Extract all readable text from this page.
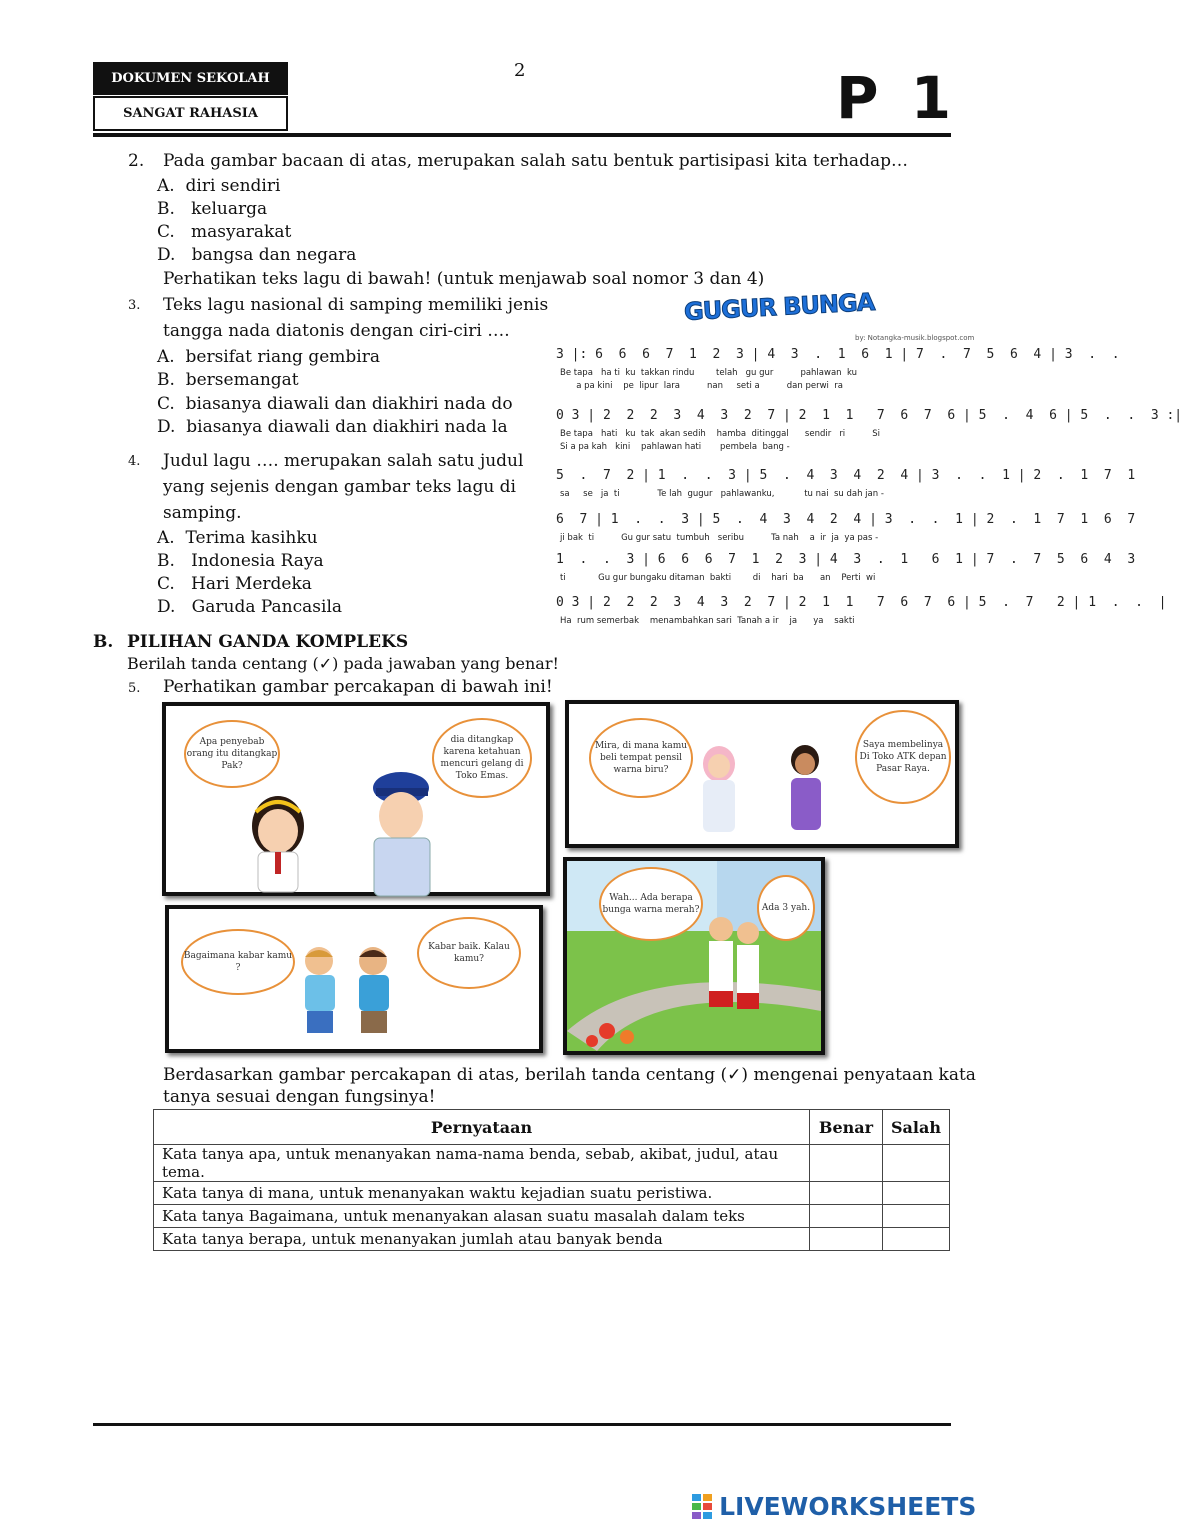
DOKUMEN SEKOLAH
SANGAT RAHASIA
2	P 1
2. Pada gambar bacaan di atas, merupakan salah satu bentuk partisipasi kita terhadap…
A. diri sendiri
B. keluarga
C. masyarakat
D. bangsa dan negara
Perhatikan teks lagu di bawah! (untuk menjawab soal nomor 3 dan 4)
3. Teks lagu nasional di samping memiliki jenis
tangga nada diatonis dengan ciri-ciri ….
A. bersifat riang gembira
B. bersemangat
C. biasanya diawali dan diakhiri nada do
D. biasanya diawali dan diakhiri nada la
4. Judul lagu …. merupakan salah satu judul
yang sejenis dengan gambar teks lagu di
samping.
A. Terima kasihku
B. Indonesia Raya
C. Hari Merdeka
D. Garuda Pancasila
GUGUR BUNGA
by: Notangka-musik.blogspot.com
3 |: 6  6  6  7  1  2  3 | 4  3  .  1  6  1 | 7  .  7  5  6  4 | 3  .  .
Be tapa   ha ti  ku  takkan rindu        telah   gu gur          pahlawan  ku
a pa kini    pe  lipur  lara          nan     seti a          dan perwi  ra
0 3 | 2  2  2  3  4  3  2  7 | 2  1  1   7  6  7  6 | 5  .  4  6 | 5  .  .  3 :|
Be tapa   hati   ku  tak  akan sedih    hamba  ditinggal      sendir   ri          Si
Si a pa kah   kini    pahlawan hati       pembela  bang -
5  .  7  2 | 1  .  .  3 | 5  .  4  3  4  2  4 | 3  .  .  1 | 2  .  1  7  1
sa     se   ja  ti              Te lah  gugur   pahlawanku,           tu nai  su dah jan -
6  7 | 1  .  .  3 | 5  .  4  3  4  2  4 | 3  .  .  1 | 2  .  1  7  1  6  7
ji bak  ti          Gu gur satu  tumbuh   seribu          Ta nah    a  ir  ja  ya pas -
1  .  .  3 | 6  6  6  7  1  2  3 | 4  3  .  1   6  1 | 7  .  7  5  6  4  3
ti            Gu gur bungaku ditaman  bakti        di    hari  ba      an    Perti  wi
0 3 | 2  2  2  3  4  3  2  7 | 2  1  1   7  6  7  6 | 5  .  7   2 | 1  .  .  |
Ha  rum semerbak    menambahkan sari  Tanah a ir    ja      ya    sakti
B. PILIHAN GANDA KOMPLEKS
Berilah tanda centang (✓) pada jawaban yang benar!
5. Perhatikan gambar percakapan di bawah ini!
Apa penyebab orang itu ditangkap Pak?
dia ditangkap karena ketahuan mencuri gelang di Toko Emas.
Mira, di mana kamu beli tempat pensil warna biru?
Saya membelinya Di Toko ATK depan Pasar Raya.
Wah... Ada berapa bunga warna merah?	Ada 3 yah.
Bagaimana kabar kamu ?
Kabar baik. Kalau kamu?
Berdasarkan gambar percakapan di atas, berilah tanda centang (✓) mengenai penyataan kata
tanya sesuai dengan fungsinya!
Pernyataan	Benar	Salah
Kata tanya apa, untuk menanyakan nama-nama benda, sebab, akibat, judul, atau tema.		
Kata tanya di mana, untuk menanyakan waktu kejadian suatu peristiwa.		
Kata tanya Bagaimana, untuk menanyakan alasan suatu masalah dalam teks		
Kata tanya berapa, untuk menanyakan jumlah atau banyak benda		
LIVEWORKSHEETS
